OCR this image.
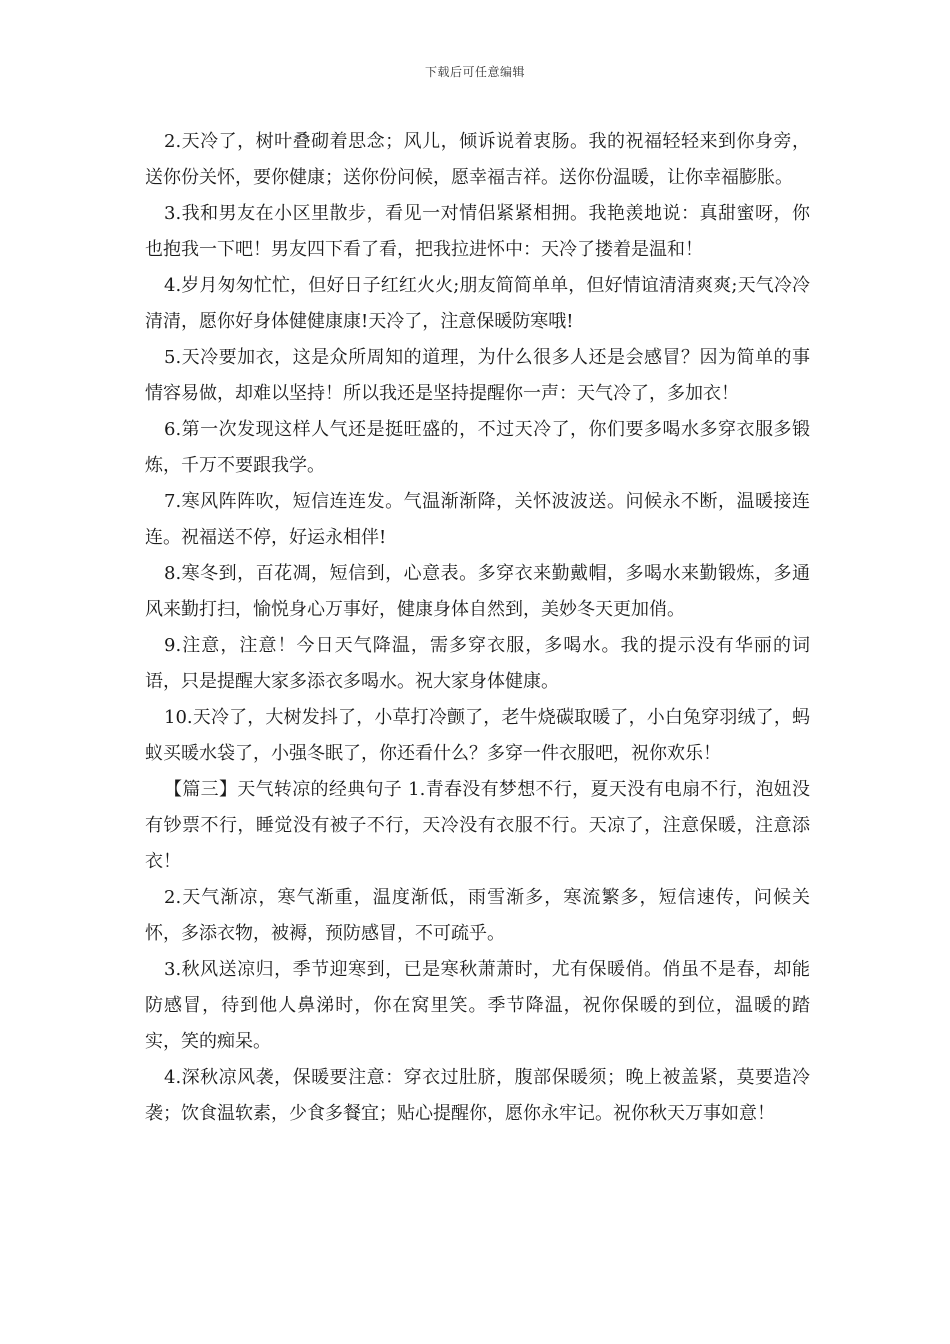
下载后可任意编辑

2.天冷了，树叶叠砌着思念；风儿，倾诉说着衷肠。我的祝福轻轻来到你身旁，送你份关怀，要你健康；送你份问候，愿幸福吉祥。送你份温暖，让你幸福膨胀。

3.我和男友在小区里散步，看见一对情侣紧紧相拥。我艳羡地说：真甜蜜呀，你也抱我一下吧！男友四下看了看，把我拉进怀中：天冷了搂着是温和！

4.岁月匆匆忙忙，但好日子红红火火;朋友简简单单，但好情谊清清爽爽;天气冷冷清清，愿你好身体健健康康!天冷了，注意保暖防寒哦!

5.天冷要加衣，这是众所周知的道理，为什么很多人还是会感冒？因为简单的事情容易做，却难以坚持！所以我还是坚持提醒你一声：天气冷了，多加衣！

6.第一次发现这样人气还是挺旺盛的，不过天冷了，你们要多喝水多穿衣服多锻炼，千万不要跟我学。

7.寒风阵阵吹，短信连连发。气温渐渐降，关怀波波送。问候永不断，温暖接连连。祝福送不停，好运永相伴!

8.寒冬到，百花凋，短信到，心意表。多穿衣来勤戴帽，多喝水来勤锻炼，多通风来勤打扫，愉悦身心万事好，健康身体自然到，美妙冬天更加俏。

9.注意，注意！今日天气降温，需多穿衣服，多喝水。我的提示没有华丽的词语，只是提醒大家多添衣多喝水。祝大家身体健康。

10.天冷了，大树发抖了，小草打冷颤了，老牛烧碳取暖了，小白兔穿羽绒了，蚂蚁买暖水袋了，小强冬眠了，你还看什么？多穿一件衣服吧，祝你欢乐！

【篇三】天气转凉的经典句子 1.青春没有梦想不行，夏天没有电扇不行，泡妞没有钞票不行，睡觉没有被子不行，天冷没有衣服不行。天凉了，注意保暖，注意添衣！

2.天气渐凉，寒气渐重，温度渐低，雨雪渐多，寒流繁多，短信速传，问候关怀，多添衣物，被褥，预防感冒，不可疏乎。

3.秋风送凉归，季节迎寒到，已是寒秋萧萧时，尤有保暖俏。俏虽不是春，却能防感冒，待到他人鼻涕时，你在窝里笑。季节降温，祝你保暖的到位，温暖的踏实，笑的痴呆。

4.深秋凉风袭，保暖要注意：穿衣过肚脐，腹部保暖须；晚上被盖紧，莫要造冷袭；饮食温软素，少食多餐宜；贴心提醒你，愿你永牢记。祝你秋天万事如意！
